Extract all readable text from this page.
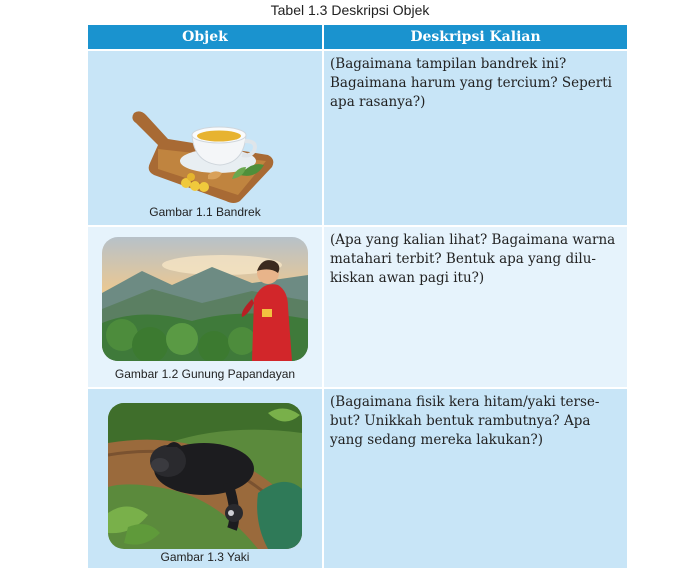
Tabel 1.3 Deskripsi Objek
Objek	Deskripsi Kalian
Gambar 1.1 Bandrek
(Bagaimana tampilan bandrek ini?
Bagaimana harum yang tercium? Seperti
apa rasanya?)
Gambar 1.2 Gunung Papandayan
(Apa yang kalian lihat? Bagaimana warna
matahari terbit? Bentuk apa yang dilu-
kiskan awan pagi itu?)
Gambar 1.3 Yaki
(Bagaimana fisik kera hitam/yaki terse-
but? Unikkah bentuk rambutnya? Apa
yang sedang mereka lakukan?)
